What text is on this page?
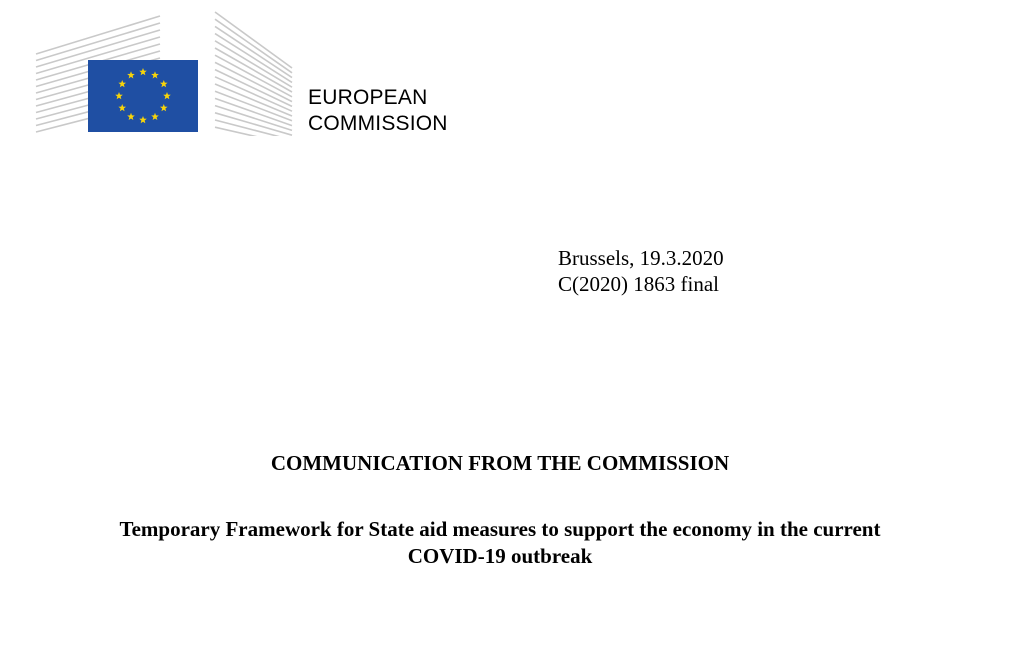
EUROPEAN
COMMISSION
Brussels, 19.3.2020
C(2020) 1863 final
COMMUNICATION FROM THE COMMISSION
Temporary Framework for State aid measures to support the economy in the current
COVID-19 outbreak
